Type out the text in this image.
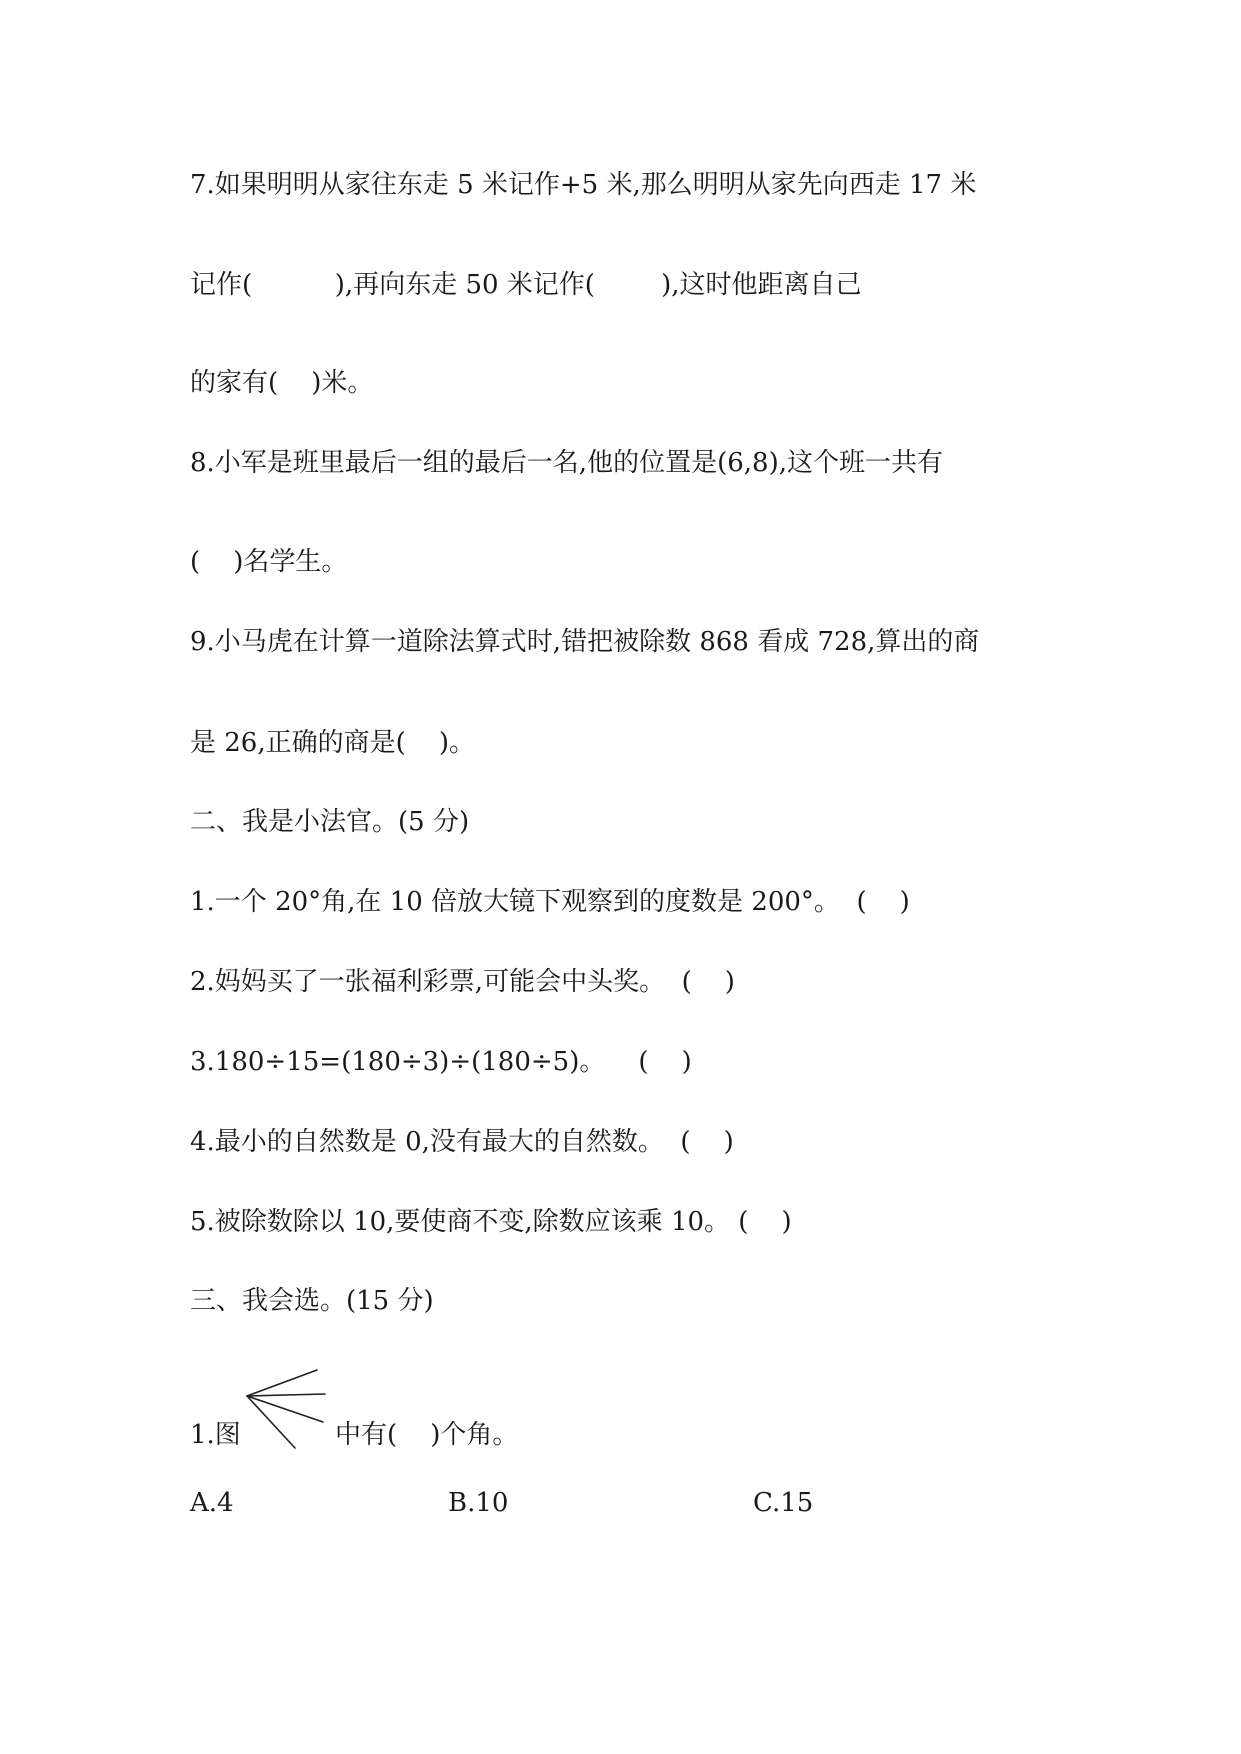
7.如果明明从家往东走 5 米记作+5 米,那么明明从家先向西走 17 米
记作(          ),再向东走 50 米记作(        ),这时他距离自己
的家有(    )米。
8.小军是班里最后一组的最后一名,他的位置是(6,8),这个班一共有
(    )名学生。
9.小马虎在计算一道除法算式时,错把被除数 868 看成 728,算出的商
是 26,正确的商是(    )。
二、我是小法官。(5 分)
1.一个 20°角,在 10 倍放大镜下观察到的度数是 200°。  (    )
2.妈妈买了一张福利彩票,可能会中头奖。  (    )
3.180÷15=(180÷3)÷(180÷5)。    (    )
4.最小的自然数是 0,没有最大的自然数。  (    )
5.被除数除以 10,要使商不变,除数应该乘 10。 (    )
三、我会选。(15 分)
1.图	中有(    )个角。
A.4	B.10	C.15
